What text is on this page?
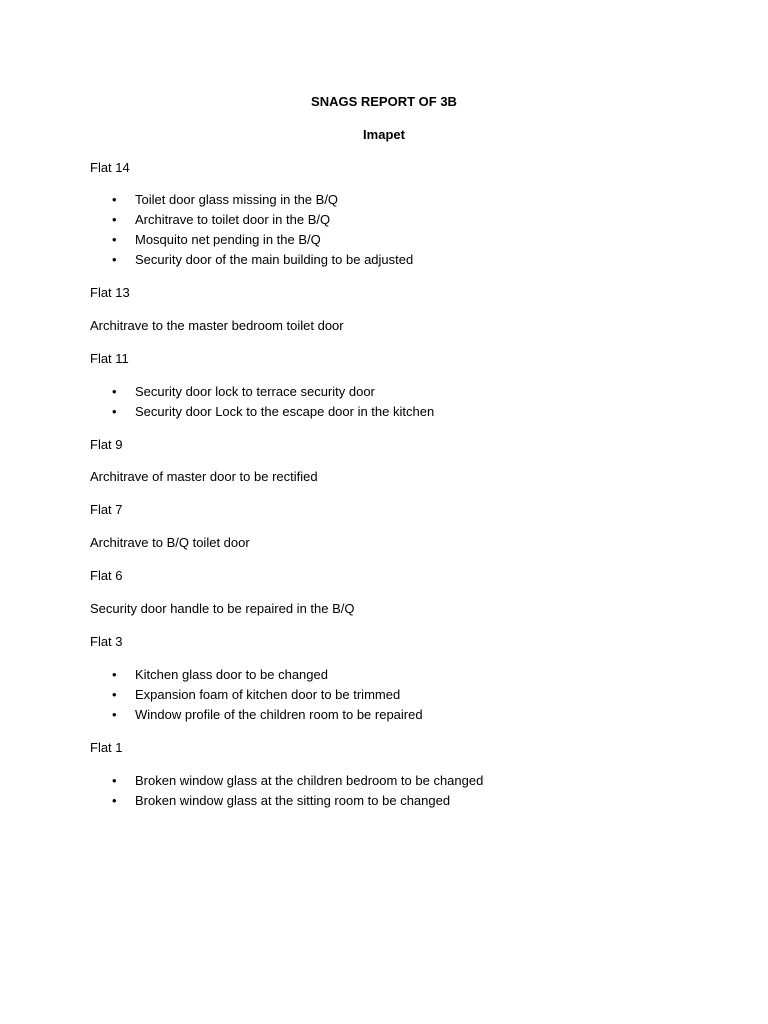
SNAGS REPORT OF 3B
Imapet
Flat 14
• Toilet door glass missing in the B/Q
• Architrave to toilet door in the B/Q
• Mosquito net pending in the B/Q
• Security door of the main building to be adjusted
Flat 13
Architrave to the master bedroom toilet door
Flat 11
• Security door lock to terrace security door
• Security door Lock to the escape door in the kitchen
Flat 9
Architrave of master door to be rectified
Flat 7
Architrave to B/Q toilet door
Flat 6
Security door handle to be repaired in the B/Q
Flat 3
• Kitchen glass door to be changed
• Expansion foam of kitchen door to be trimmed
• Window profile of the children room to be repaired
Flat 1
• Broken window glass at the children bedroom to be changed
• Broken window glass at the sitting room to be changed
